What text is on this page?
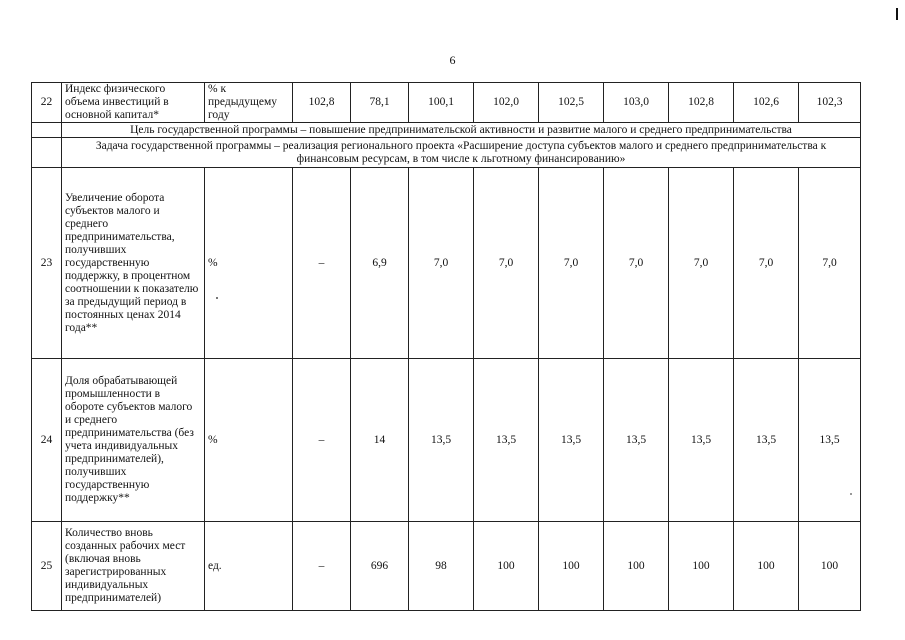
6
22	Индекс физического объема инвестиций в основной капитал*	% к предыдущему году	102,8	78,1	100,1	102,0	102,5	103,0	102,8	102,6	102,3
	Цель государственной программы – повышение предпринимательской активности и развитие малого и среднего предпринимательства										
	Задача государственной программы – реализация регионального проекта «Расширение доступа субъектов малого и среднего предпринимательства к финансовым ресурсам, в том числе к льготному финансированию»										
23	Увеличение оборота субъектов малого и среднего предпринимательства, получивших государственную поддержку, в процентном соотношении к показателю за предыдущий период в постоянных ценах 2014 года**	%	–	6,9	7,0	7,0	7,0	7,0	7,0	7,0	7,0
24	Доля обрабатывающей промышленности в обороте субъектов малого и среднего предпринимательства (без учета индивидуальных предпринимателей), получивших государственную поддержку**	%	–	14	13,5	13,5	13,5	13,5	13,5	13,5	13,5
25	Количество вновь созданных рабочих мест (включая вновь зарегистрированных индивидуальных предпринимателей)	ед.	–	696	98	100	100	100	100	100	100
